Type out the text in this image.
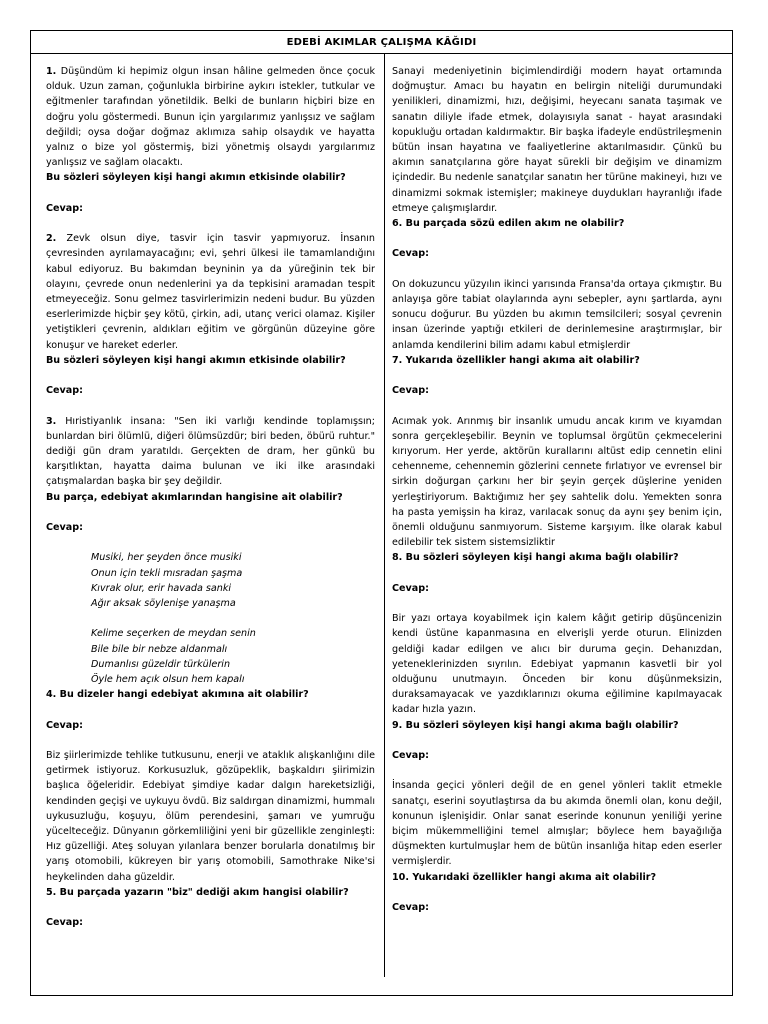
EDEBİ AKIMLAR ÇALIŞMA KÂĞIDI

1. Düşündüm ki hepimiz olgun insan hâline gelmeden önce çocuk olduk. Uzun zaman, çoğunlukla birbirine aykırı istekler, tutkular ve eğitmenler tarafından yönetildik. Belki de bunların hiçbiri bize en doğru yolu göstermedi. Bunun için yargılarımız yanlışsız ve sağlam değildi; oysa doğar doğmaz aklımıza sahip olsaydık ve hayatta yalnız o bize yol göstermiş, bizi yönetmiş olsaydı yargılarımız yanlışsız ve sağlam olacaktı.

Bu sözleri söyleyen kişi hangi akımın etkisinde olabilir?

Cevap:

2. Zevk olsun diye, tasvir için tasvir yapmıyoruz. İnsanın çevresinden ayrılamayacağını; evi, şehri ülkesi ile tamamlandığını kabul ediyoruz. Bu bakımdan beyninin ya da yüreğinin tek bir olayını, çevrede onun nedenlerini ya da tepkisini aramadan tespit etmeyeceğiz. Sonu gelmez tasvirlerimizin nedeni budur. Bu yüzden eserlerimizde hiçbir şey kötü, çirkin, adi, utanç verici olamaz. Kişiler yetiştikleri çevrenin, aldıkları eğitim ve görgünün düzeyine göre konuşur ve hareket ederler.

Bu sözleri söyleyen kişi hangi akımın etkisinde olabilir?

Cevap:

3. Hıristiyanlık insana: "Sen iki varlığı kendinde toplamışsın; bunlardan biri ölümlü, diğeri ölümsüzdür; biri beden, öbürü ruhtur." dediği gün dram yaratıldı. Gerçekten de dram, her günkü bu karşıtlıktan, hayatta daima bulunan ve iki ilke arasındaki çatışmalardan başka bir şey değildir.

Bu parça, edebiyat akımlarından hangisine ait olabilir?

Cevap:

Musiki, her şeyden önce musiki

Onun için tekli mısradan şaşma

Kıvrak olur, erir havada sanki

Ağır aksak söylenişe yanaşma

Kelime seçerken de meydan senin

Bile bile bir nebze aldanmalı

Dumanlısı güzeldir türkülerin

Öyle hem açık olsun hem kapalı

4. Bu dizeler hangi edebiyat akımına ait olabilir?

Cevap:

Biz şiirlerimizde tehlike tutkusunu, enerji ve ataklık alışkanlığını dile getirmek istiyoruz. Korkusuzluk, gözüpeklik, başkaldırı şiirimizin başlıca öğeleridir. Edebiyat şimdiye kadar dalgın hareketsizliği, kendinden geçişi ve uykuyu övdü. Biz saldırgan dinamizmi, hummalı uykusuzluğu, koşuyu, ölüm perendesini, şamarı ve yumruğu yücelteceğiz. Dünyanın görkemliliğini yeni bir güzellikle zenginleşti: Hız güzelliği. Ateş soluyan yılanlara benzer borularla donatılmış bir yarış otomobili, kükreyen bir yarış otomobili, Samothrake Nike'si heykelinden daha güzeldir.

5. Bu parçada yazarın "biz" dediği akım hangisi olabilir?

Cevap:

Sanayi medeniyetinin biçimlendirdiği modern hayat ortamında doğmuştur. Amacı bu hayatın en belirgin niteliği durumundaki yenilikleri, dinamizmi, hızı, değişimi, heyecanı sanata taşımak ve sanatın diliyle ifade etmek, dolayısıyla sanat - hayat arasındaki kopukluğu ortadan kaldırmaktır. Bir başka ifadeyle endüstrileşmenin bütün insan hayatına ve faaliyetlerine aktarılmasıdır. Çünkü bu akımın sanatçılarına göre hayat sürekli bir değişim ve dinamizm içindedir. Bu nedenle sanatçılar sanatın her türüne makineyi, hızı ve dinamizmi sokmak istemişler; makineye duydukları hayranlığı ifade etmeye çalışmışlardır.

6. Bu parçada sözü edilen akım ne olabilir?

Cevap:

On dokuzuncu yüzyılın ikinci yarısında Fransa'da ortaya çıkmıştır. Bu anlayışa göre tabiat olaylarında aynı sebepler, aynı şartlarda, aynı sonucu doğurur. Bu yüzden bu akımın temsilcileri; sosyal çevrenin insan üzerinde yaptığı etkileri de derinlemesine araştırmışlar, bir anlamda kendilerini bilim adamı kabul etmişlerdir

7. Yukarıda özellikler hangi akıma ait olabilir?

Cevap:

Acımak yok. Arınmış bir insanlık umudu ancak kırım ve kıyamdan sonra gerçekleşebilir. Beynin ve toplumsal örgütün çekmecelerini kırıyorum. Her yerde, aktörün kurallarını altüst edip cennetin elini cehenneme, cehennemin gözlerini cennete fırlatıyor ve evrensel bir sirkin doğurgan çarkını her bir şeyin gerçek düşlerine yeniden yerleştiriyorum. Baktığımız her şey sahtelik dolu. Yemekten sonra ha pasta yemişsin ha kiraz, varılacak sonuç da aynı şey benim için, önemli olduğunu sanmıyorum. Sisteme karşıyım. İlke olarak kabul edilebilir tek sistem sistemsizliktir

8. Bu sözleri söyleyen kişi hangi akıma bağlı olabilir?

Cevap:

Bir yazı ortaya koyabilmek için kalem kâğıt getirip düşüncenizin kendi üstüne kapanmasına en elverişli yerde oturun. Elinizden geldiği kadar edilgen ve alıcı bir duruma geçin. Dehanızdan, yeteneklerinizden sıyrılın. Edebiyat yapmanın kasvetli bir yol olduğunu unutmayın. Önceden bir konu düşünmeksizin, duraksamayacak ve yazdıklarınızı okuma eğilimine kapılmayacak kadar hızla yazın.

9. Bu sözleri söyleyen kişi hangi akıma bağlı olabilir?

Cevap:

İnsanda geçici yönleri değil de en genel yönleri taklit etmekle sanatçı, eserini soyutlaştırsa da bu akımda önemli olan, konu değil, konunun işlenişidir. Onlar sanat eserinde konunun yeniliği yerine biçim mükemmelliğini temel almışlar; böylece hem bayağılığa düşmekten kurtulmuşlar hem de bütün insanlığa hitap eden eserler vermişlerdir.

10. Yukarıdaki özellikler hangi akıma ait olabilir?

Cevap:
